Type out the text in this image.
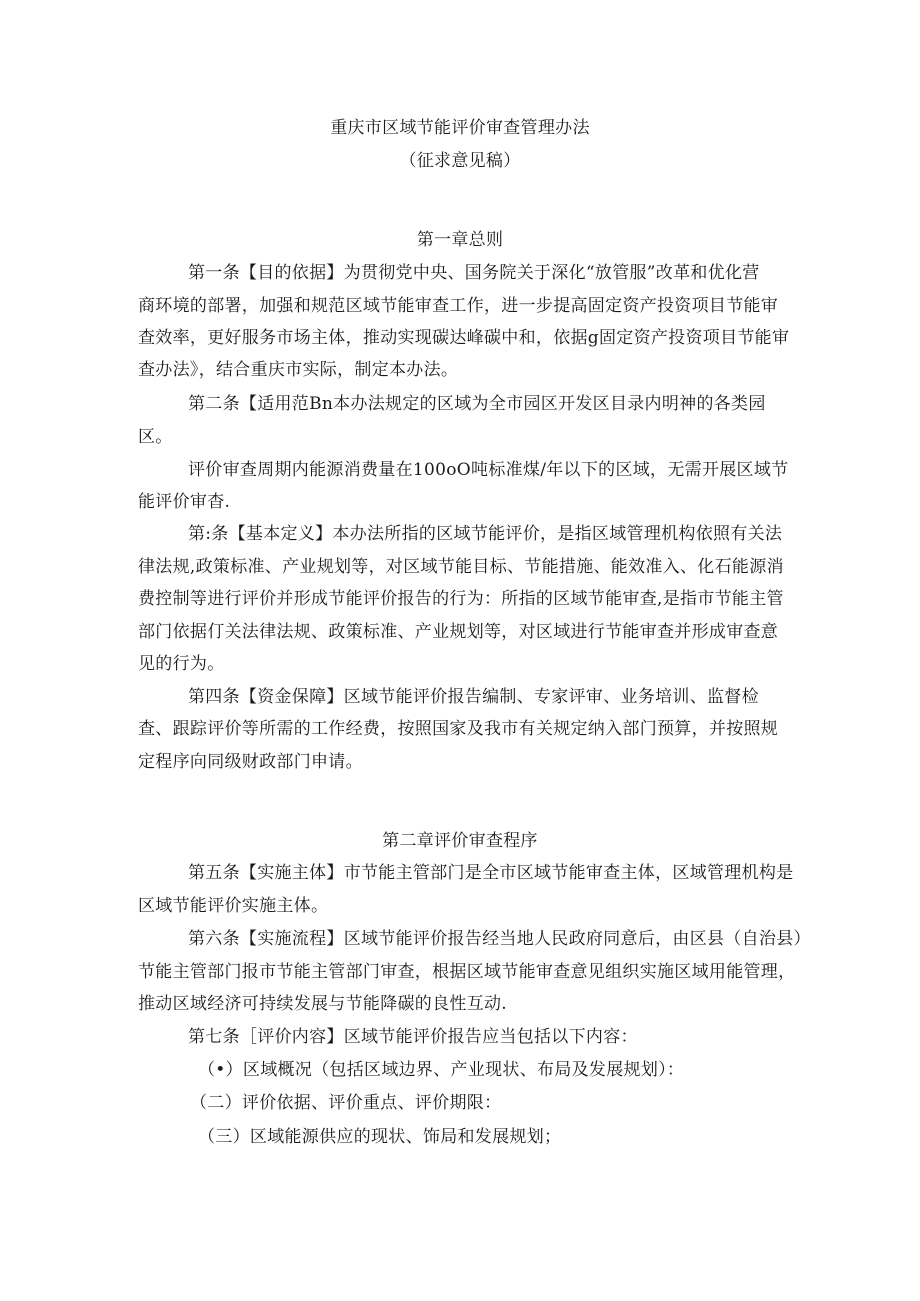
重庆市区域节能评价审查管理办法
（征求意见稿）
第一章总则
第一条【目的依据】为贯彻党中央、国务院关于深化“放管服”改革和优化营
商环境的部署，加强和规范区域节能审查工作，进一步提高固定资产投资项目节能审
查效率，更好服务市场主体，推动实现碳达峰碳中和，依据g固定资产投资项目节能审
查办法》，结合重庆市实际，制定本办法。
第二条【适用范Bn本办法规定的区域为全市园区开发区目录内明神的各类园
区。
评价审查周期内能源消费量在100oO吨标准煤/年以下的区域，无需开展区域节
能评价审杳.
第:条【基本定义】本办法所指的区域节能评价，是指区域管理机构依照有关法
律法规,政策标准、产业规划等，对区域节能目标、节能措施、能效准入、化石能源消
费控制等进行评价并形成节能评价报告的行为：所指的区域节能审查,是指市节能主管
部门依据仃关法律法规、政策标准、产业规划等，对区域进行节能审查并形成审查意
见的行为。
第四条【资金保障】区域节能评价报告编制、专家评审、业务培训、监督检
查、跟踪评价等所需的工作经费，按照国家及我市有关规定纳入部门预算，并按照规
定程序向同级财政部门申请。
第二章评价审查程序
第五条【实施主体】市节能主管部门是全市区域节能审查主体，区域管理机构是
区域节能评价实施主体。
第六条【实施流程】区域节能评价报告经当地人民政府同意后，由区县（自治县）
节能主管部门报市节能主管部门审查，根据区域节能审查意见组织实施区域用能管理，
推动区域经济可持续发展与节能降碳的良性互动.
第七条［评价内容】区域节能评价报告应当包括以下内容：
（•）区域概况（包括区域边界、产业现状、布局及发展规划）：
（二）评价依据、评价重点、评价期限：
（三）区域能源供应的现状、饰局和发展规划；
